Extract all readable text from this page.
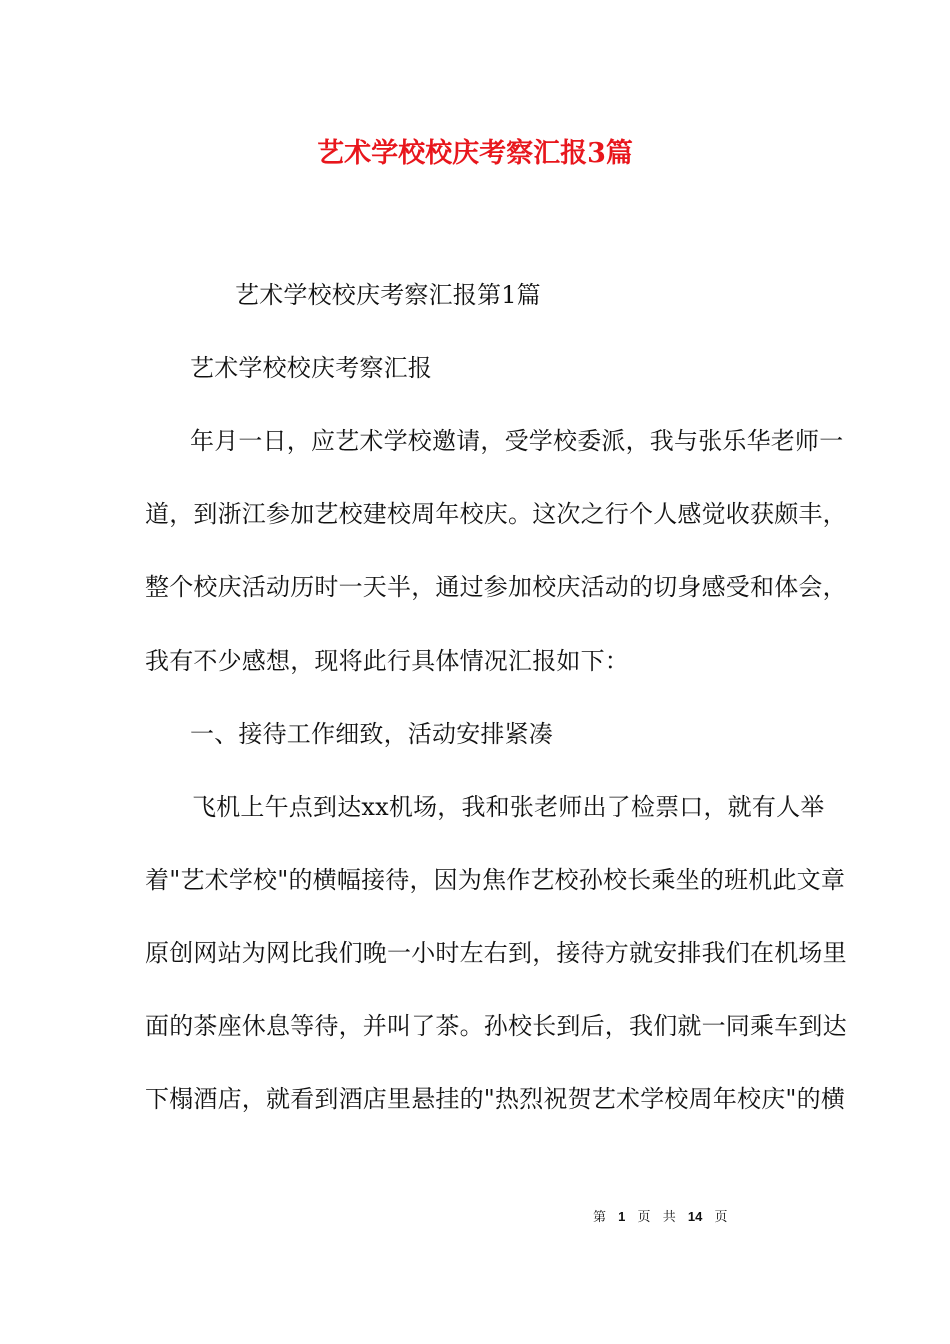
艺术学校校庆考察汇报3篇
艺术学校校庆考察汇报第1篇
艺术学校校庆考察汇报
年月一日，应艺术学校邀请，受学校委派，我与张乐华老师一
道，到浙江参加艺校建校周年校庆。这次之行个人感觉收获颇丰，
整个校庆活动历时一天半，通过参加校庆活动的切身感受和体会，
我有不少感想，现将此行具体情况汇报如下：
一、接待工作细致，活动安排紧凑
飞机上午点到达xx机场，我和张老师出了检票口，就有人举
着"艺术学校"的横幅接待，因为焦作艺校孙校长乘坐的班机此文章
原创网站为网比我们晚一小时左右到，接待方就安排我们在机场里
面的茶座休息等待，并叫了茶。孙校长到后，我们就一同乘车到达
下榻酒店，就看到酒店里悬挂的"热烈祝贺艺术学校周年校庆"的横
第 1 页 共 14 页
